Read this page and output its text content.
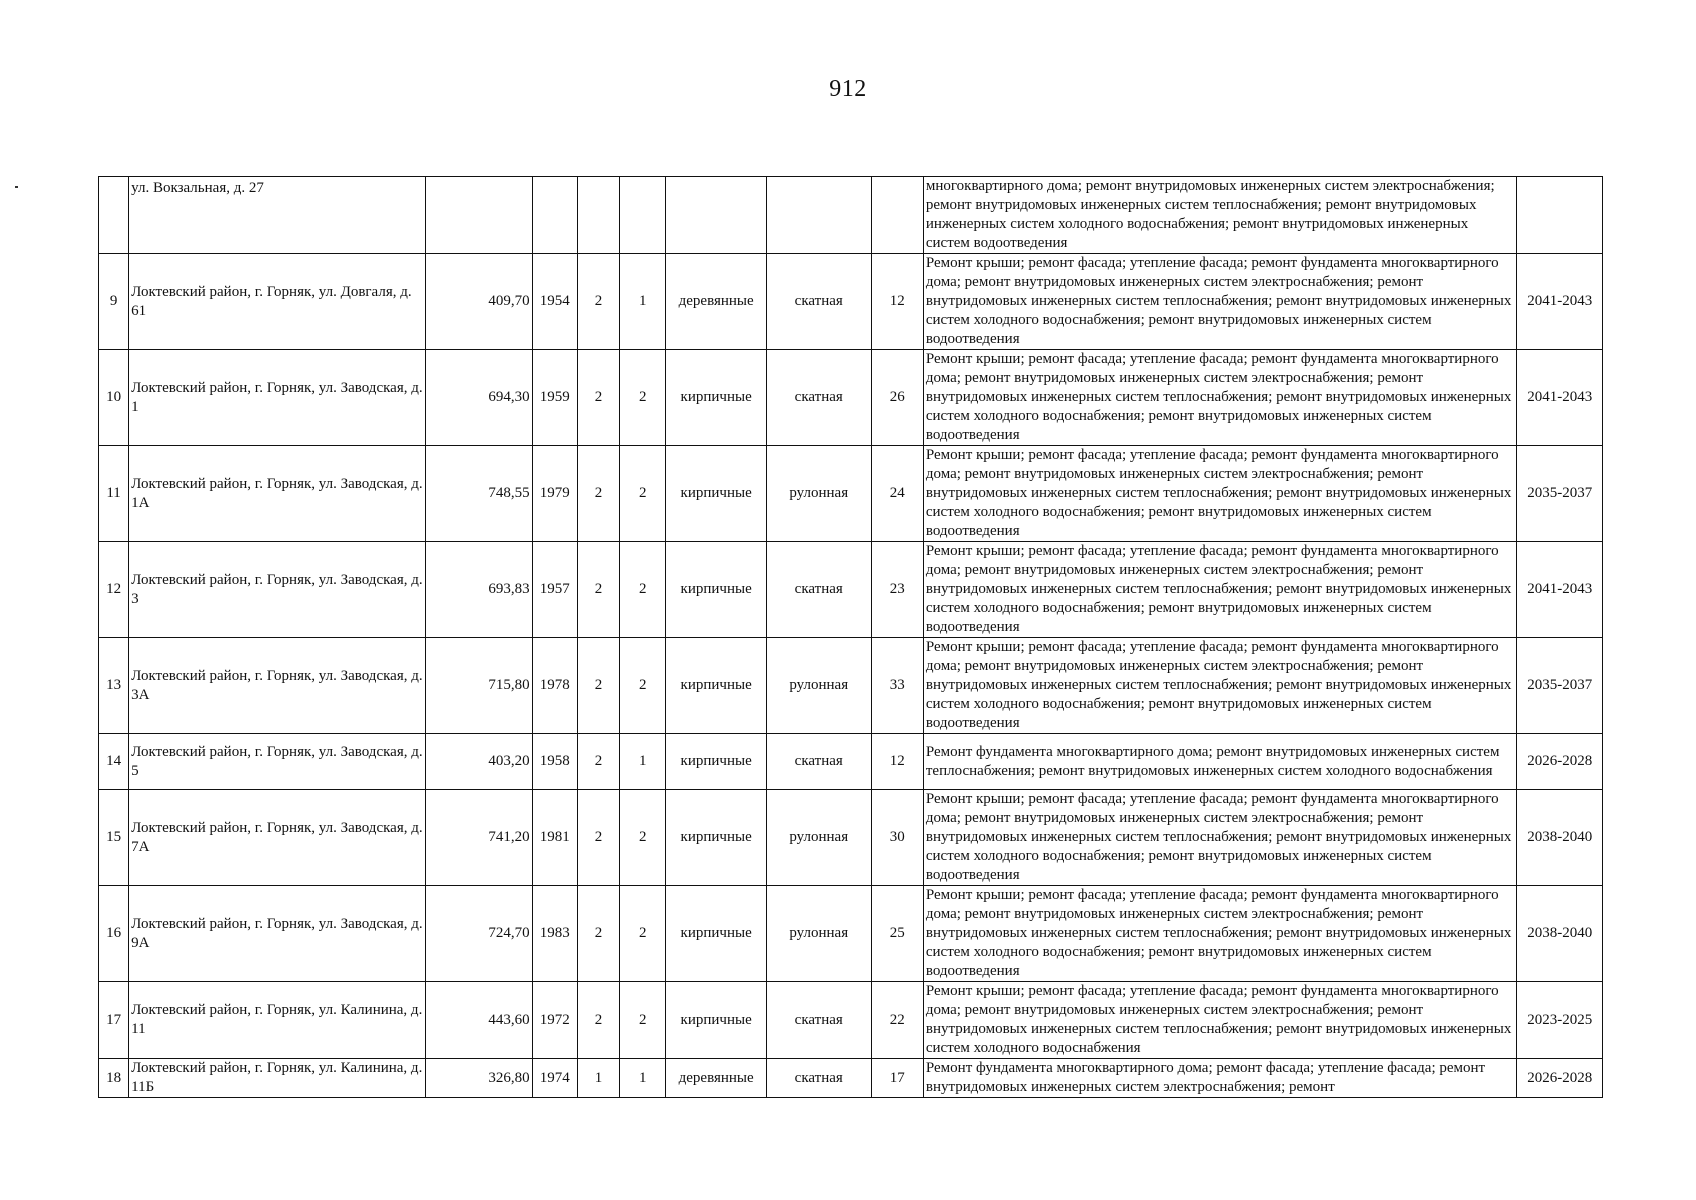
912
	ул. Вокзальная, д. 27								многоквартирного дома; ремонт внутридомовых инженерных систем электроснабжения; ремонт внутридомовых инженерных систем теплоснабжения; ремонт внутридомовых инженерных систем холодного водоснабжения; ремонт внутридомовых инженерных систем водоотведения	
9	Локтевский район, г. Горняк, ул. Довгаля, д. 61	409,70	1954	2	1	деревянные	скатная	12	Ремонт крыши; ремонт фасада; утепление фасада; ремонт фундамента многоквартирного дома; ремонт внутридомовых инженерных систем электроснабжения; ремонт внутридомовых инженерных систем теплоснабжения; ремонт внутридомовых инженерных систем холодного водоснабжения; ремонт внутридомовых инженерных систем водоотведения	2041-2043
10	Локтевский район, г. Горняк, ул. Заводская, д. 1	694,30	1959	2	2	кирпичные	скатная	26	Ремонт крыши; ремонт фасада; утепление фасада; ремонт фундамента многоквартирного дома; ремонт внутридомовых инженерных систем электроснабжения; ремонт внутридомовых инженерных систем теплоснабжения; ремонт внутридомовых инженерных систем холодного водоснабжения; ремонт внутридомовых инженерных систем водоотведения	2041-2043
11	Локтевский район, г. Горняк, ул. Заводская, д. 1А	748,55	1979	2	2	кирпичные	рулонная	24	Ремонт крыши; ремонт фасада; утепление фасада; ремонт фундамента многоквартирного дома; ремонт внутридомовых инженерных систем электроснабжения; ремонт внутридомовых инженерных систем теплоснабжения; ремонт внутридомовых инженерных систем холодного водоснабжения; ремонт внутридомовых инженерных систем водоотведения	2035-2037
12	Локтевский район, г. Горняк, ул. Заводская, д. 3	693,83	1957	2	2	кирпичные	скатная	23	Ремонт крыши; ремонт фасада; утепление фасада; ремонт фундамента многоквартирного дома; ремонт внутридомовых инженерных систем электроснабжения; ремонт внутридомовых инженерных систем теплоснабжения; ремонт внутридомовых инженерных систем холодного водоснабжения; ремонт внутридомовых инженерных систем водоотведения	2041-2043
13	Локтевский район, г. Горняк, ул. Заводская, д. 3А	715,80	1978	2	2	кирпичные	рулонная	33	Ремонт крыши; ремонт фасада; утепление фасада; ремонт фундамента многоквартирного дома; ремонт внутридомовых инженерных систем электроснабжения; ремонт внутридомовых инженерных систем теплоснабжения; ремонт внутридомовых инженерных систем холодного водоснабжения; ремонт внутридомовых инженерных систем водоотведения	2035-2037
14	Локтевский район, г. Горняк, ул. Заводская, д. 5	403,20	1958	2	1	кирпичные	скатная	12	Ремонт фундамента многоквартирного дома; ремонт внутридомовых инженерных систем теплоснабжения; ремонт внутридомовых инженерных систем холодного водоснабжения	2026-2028
15	Локтевский район, г. Горняк, ул. Заводская, д. 7А	741,20	1981	2	2	кирпичные	рулонная	30	Ремонт крыши; ремонт фасада; утепление фасада; ремонт фундамента многоквартирного дома; ремонт внутридомовых инженерных систем электроснабжения; ремонт внутридомовых инженерных систем теплоснабжения; ремонт внутридомовых инженерных систем холодного водоснабжения; ремонт внутридомовых инженерных систем водоотведения	2038-2040
16	Локтевский район, г. Горняк, ул. Заводская, д. 9А	724,70	1983	2	2	кирпичные	рулонная	25	Ремонт крыши; ремонт фасада; утепление фасада; ремонт фундамента многоквартирного дома; ремонт внутридомовых инженерных систем электроснабжения; ремонт внутридомовых инженерных систем теплоснабжения; ремонт внутридомовых инженерных систем холодного водоснабжения; ремонт внутридомовых инженерных систем водоотведения	2038-2040
17	Локтевский район, г. Горняк, ул. Калинина, д. 11	443,60	1972	2	2	кирпичные	скатная	22	Ремонт крыши; ремонт фасада; утепление фасада; ремонт фундамента многоквартирного дома; ремонт внутридомовых инженерных систем электроснабжения; ремонт внутридомовых инженерных систем теплоснабжения; ремонт внутридомовых инженерных систем холодного водоснабжения	2023-2025
18	Локтевский район, г. Горняк, ул. Калинина, д. 11Б	326,80	1974	1	1	деревянные	скатная	17	Ремонт фундамента многоквартирного дома; ремонт фасада; утепление фасада; ремонт внутридомовых инженерных систем электроснабжения; ремонт	2026-2028
